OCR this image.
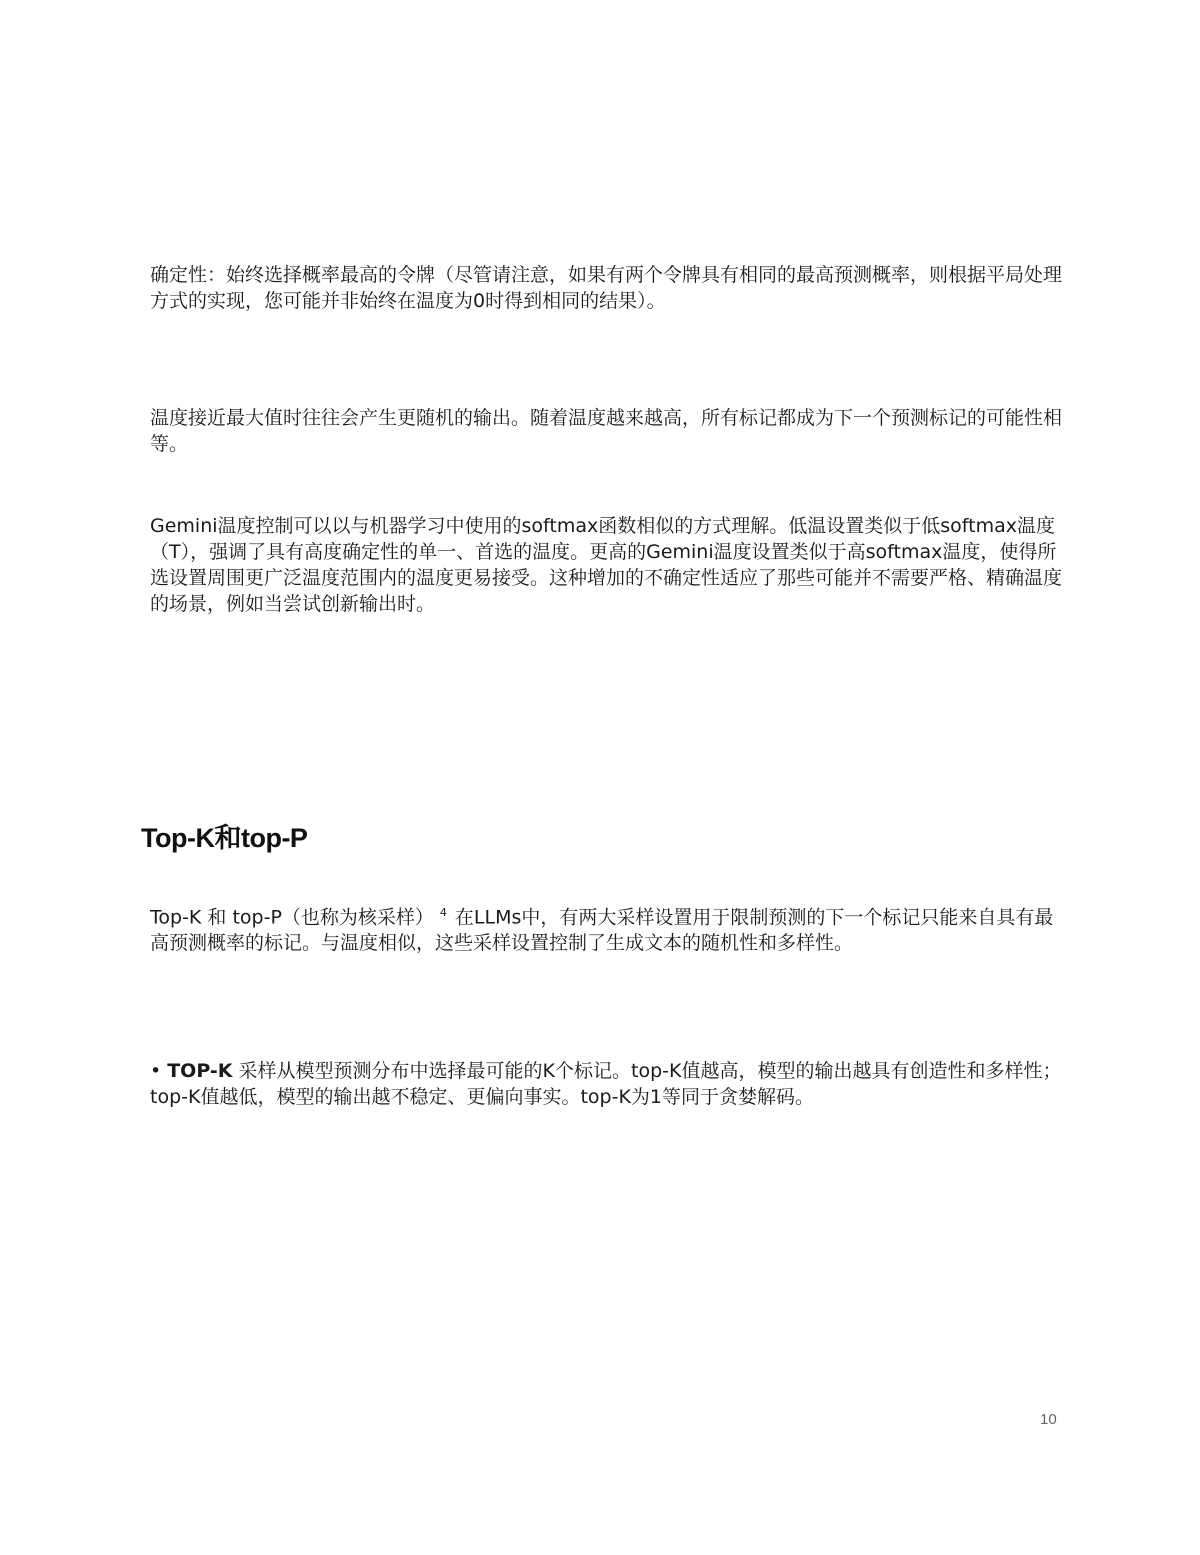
确定性：始终选择概率最高的令牌（尽管请注意，如果有两个令牌具有相同的最高预测概率，则根据平局处理方式的实现，您可能并非始终在温度为0时得到相同的结果）。

温度接近最大值时往往会产生更随机的输出。随着温度越来越高，所有标记都成为下一个预测标记的可能性相等。

Gemini温度控制可以以与机器学习中使用的softmax函数相似的方式理解。低温设置类似于低softmax温度（T），强调了具有高度确定性的单一、首选的温度。更高的Gemini温度设置类似于高softmax温度，使得所选设置周围更广泛温度范围内的温度更易接受。这种增加的不确定性适应了那些可能并不需要严格、精确温度的场景，例如当尝试创新输出时。

Top-K和top-P

Top-K 和 top-P（也称为核采样） $^4$ 在LLMs中，有两大采样设置用于限制预测的下一个标记只能来自具有最高预测概率的标记。与温度相似，这些采样设置控制了生成文本的随机性和多样性。

• TOP-K 采样从模型预测分布中选择最可能的K个标记。top-K值越高，模型的输出越具有创造性和多样性；top-K值越低，模型的输出越不稳定、更偏向事实。top-K为1等同于贪婪解码。

10
